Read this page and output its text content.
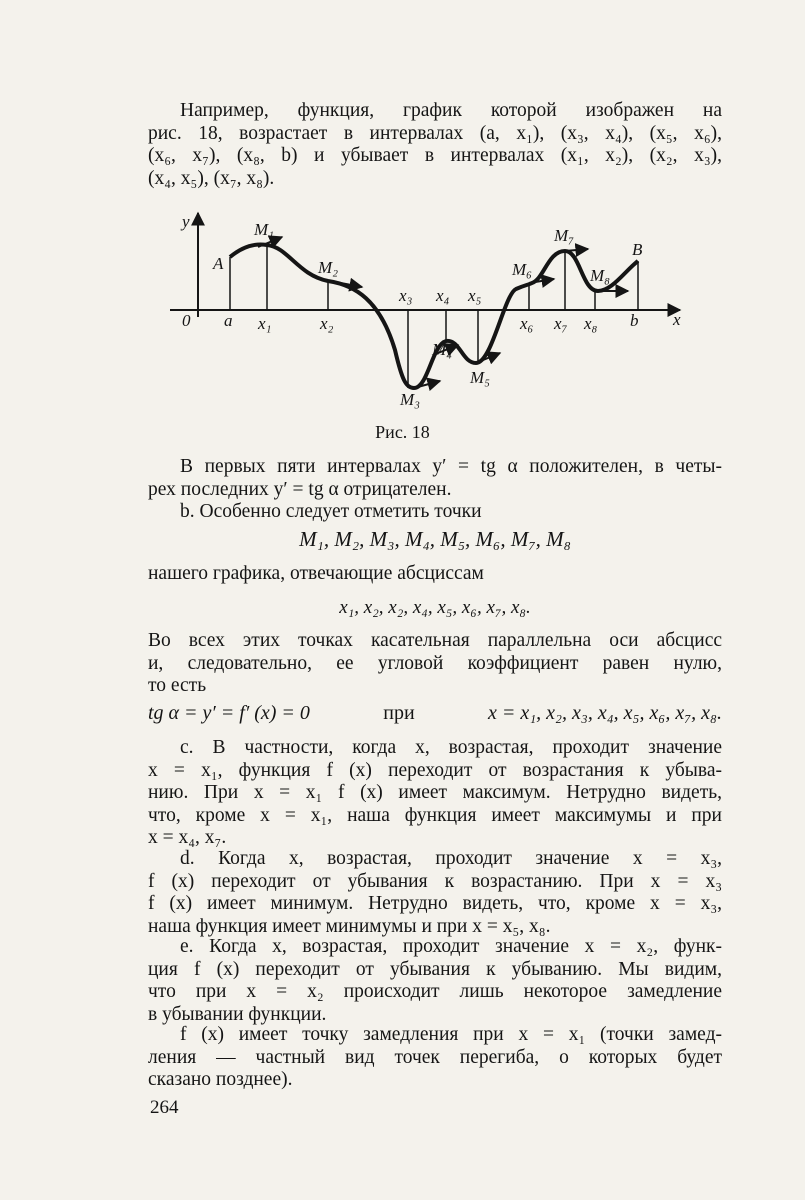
Например, функция, график которой изображен на

рис. 18, возрастает в интервалах (a, x₁), (x₃, x₄), (x₅, x₆),

(x₆, x₇), (x₈, b) и убывает в интервалах (x₁, x₂), (x₂, x₃),

(x₄, x₅), (x₇, x₈).

y
x
0 a	b
A
B
M₁
M₂
M₃
M₄
M₅
M₆
M₇
M₈
x₁	x₂
x₃ x₄ x₅
x₆ x₇ x₈
Рис. 18

В первых пяти интервалах y′ = tg α положителен, в четы-

рех последних y′ = tg α отрицателен.

b. Особенно следует отметить точки

M₁, M₂, M₃, M₄, M₅, M₆, M₇, M₈

нашего графика, отвечающие абсциссам

x₁, x₂, x₂, x₄, x₅, x₆, x₇, x₈.

Во всех этих точках касательная параллельна оси абсцисс

и, следовательно, ее угловой коэффициент равен нулю,

то есть

tg α = y′ = f′ (x) = 0	при	x = x₁, x₂, x₃, x₄, x₅, x₆, x₇, x₈.

c. В частности, когда x, возрастая, проходит значение

x = x₁, функция f (x) переходит от возрастания к убыва-

нию. При x = x₁ f (x) имеет максимум. Нетрудно видеть,

что, кроме x = x₁, наша функция имеет максимумы и при

x = x₄, x₇.

d. Когда x, возрастая, проходит значение x = x₃,

f (x) переходит от убывания к возрастанию. При x = x₃

f (x) имеет минимум. Нетрудно видеть, что, кроме x = x₃,

наша функция имеет минимумы и при x = x₅, x₈.

e. Когда x, возрастая, проходит значение x = x₂, функ-

ция f (x) переходит от убывания к убыванию. Мы видим,

что при x = x₂ происходит лишь некоторое замедление

в убывании функции.

f (x) имеет точку замедления при x = x₁ (точки замед-

ления — частный вид точек перегиба, о которых будет

сказано позднее).

264
